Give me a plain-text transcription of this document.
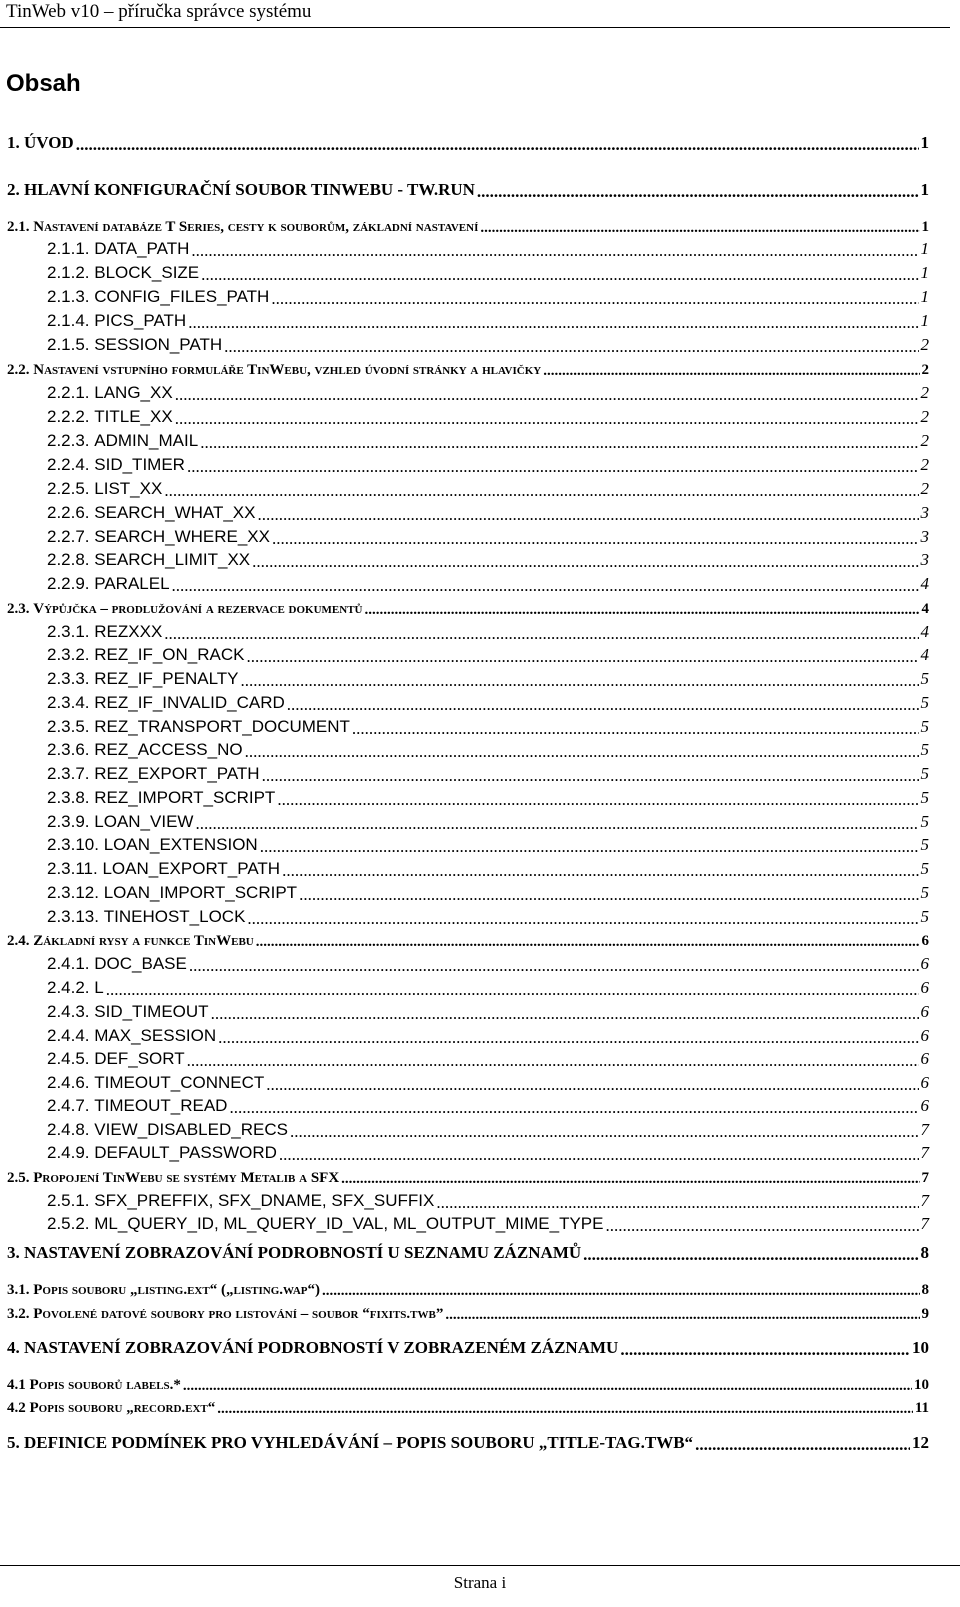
TinWeb v10 – příručka správce systému
Obsah
1. ÚVOD .....	1
2. HLAVNÍ KONFIGURAČNÍ SOUBOR TINWEBU - TW.RUN .....	1
2.1. Nastavení databáze T Series, cesty k souborům, základní nastavení .....	1
2.1.1. DATA_PATH .....	1
2.1.2. BLOCK_SIZE .....	1
2.1.3. CONFIG_FILES_PATH .....	1
2.1.4. PICS_PATH .....	1
2.1.5. SESSION_PATH .....	2
2.2. Nastavení vstupního formuláře TinWebu, vzhled úvodní stránky a hlavičky .....	2
2.2.1. LANG_XX .....	2
2.2.2. TITLE_XX .....	2
2.2.3. ADMIN_MAIL .....	2
2.2.4. SID_TIMER .....	2
2.2.5. LIST_XX .....	2
2.2.6. SEARCH_WHAT_XX .....	3
2.2.7. SEARCH_WHERE_XX .....	3
2.2.8. SEARCH_LIMIT_XX .....	3
2.2.9. PARALEL .....	4
2.3. Výpůjčka – prodlužování a rezervace dokumentů .....	4
2.3.1. REZXXX .....	4
2.3.2. REZ_IF_ON_RACK .....	4
2.3.3. REZ_IF_PENALTY .....	5
2.3.4. REZ_IF_INVALID_CARD .....	5
2.3.5. REZ_TRANSPORT_DOCUMENT .....	5
2.3.6. REZ_ACCESS_NO .....	5
2.3.7. REZ_EXPORT_PATH .....	5
2.3.8. REZ_IMPORT_SCRIPT .....	5
2.3.9. LOAN_VIEW .....	5
2.3.10. LOAN_EXTENSION .....	5
2.3.11. LOAN_EXPORT_PATH .....	5
2.3.12. LOAN_IMPORT_SCRIPT .....	5
2.3.13. TINEHOST_LOCK .....	5
2.4. Základní rysy a funkce TinWebu .....	6
2.4.1. DOC_BASE .....	6
2.4.2. L .....	6
2.4.3. SID_TIMEOUT .....	6
2.4.4. MAX_SESSION .....	6
2.4.5. DEF_SORT .....	6
2.4.6. TIMEOUT_CONNECT .....	6
2.4.7. TIMEOUT_READ .....	6
2.4.8. VIEW_DISABLED_RECS .....	7
2.4.9. DEFAULT_PASSWORD .....	7
2.5. Propojení TinWebu se systémy Metalib a SFX .....	7
2.5.1. SFX_PREFFIX, SFX_DNAME, SFX_SUFFIX .....	7
2.5.2. ML_QUERY_ID, ML_QUERY_ID_VAL, ML_OUTPUT_MIME_TYPE .....	7
3. NASTAVENÍ ZOBRAZOVÁNÍ PODROBNOSTÍ U SEZNAMU ZÁZNAMŮ .....	8
3.1. Popis souboru „listing.ext“ („listing.wap“) .....	8
3.2. Povolené datové soubory pro listování – soubor “fixits.twb” .....	9
4. NASTAVENÍ ZOBRAZOVÁNÍ PODROBNOSTÍ V ZOBRAZENÉM ZÁZNAMU .....	10
4.1 Popis souborů labels.* .....	10
4.2 Popis souboru „record.ext“ .....	11
5. DEFINICE PODMÍNEK PRO VYHLEDÁVÁNÍ – POPIS SOUBORU „TITLE-TAG.TWB“ .....	12
Strana i
